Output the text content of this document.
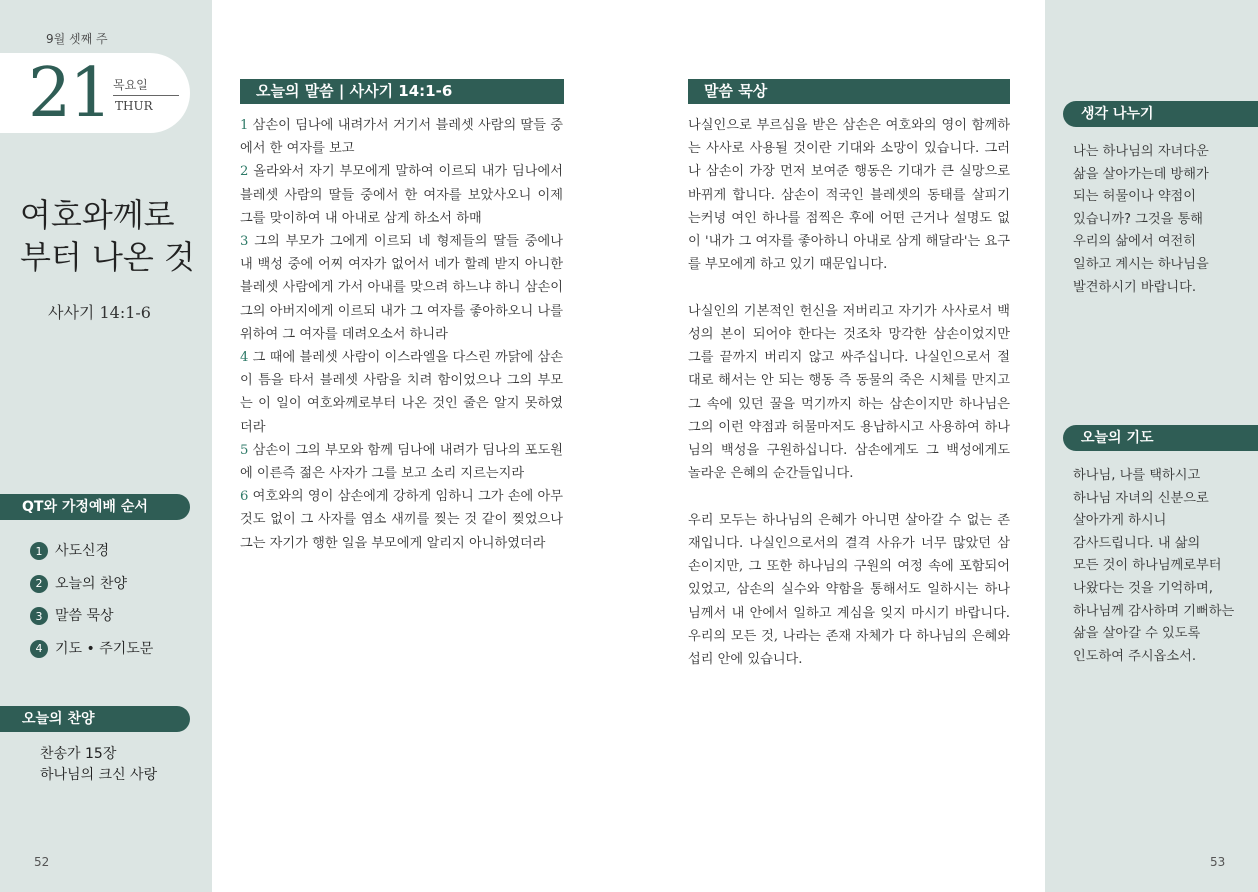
9월 셋째 주
21 목요일
THUR
여호와께로
부터 나온 것
사사기 14:1-6
QT와 가정예배 순서
1 사도신경
2 오늘의 찬양
3 말씀 묵상
4 기도 • 주기도문
오늘의 찬양
찬송가 15장
하나님의 크신 사랑
52
오늘의 말씀 | 사사기 14:1-6
1 삼손이 딤나에 내려가서 거기서 블레셋 사람의 딸들 중에서 한 여자를 보고
2 올라와서 자기 부모에게 말하여 이르되 내가 딤나에서 블레셋 사람의 딸들 중에서 한 여자를 보았사오니 이제 그를 맞이하여 내 아내로 삼게 하소서 하매
3 그의 부모가 그에게 이르되 네 형제들의 딸들 중에나 내 백성 중에 어찌 여자가 없어서 네가 할례 받지 아니한 블레셋 사람에게 가서 아내를 맞으려 하느냐 하니 삼손이 그의 아버지에게 이르되 내가 그 여자를 좋아하오니 나를 위하여 그 여자를 데려오소서 하니라
4 그 때에 블레셋 사람이 이스라엘을 다스린 까닭에 삼손이 틈을 타서 블레셋 사람을 치려 함이었으나 그의 부모는 이 일이 여호와께로부터 나온 것인 줄은 알지 못하였더라
5 삼손이 그의 부모와 함께 딤나에 내려가 딤나의 포도원에 이른즉 젊은 사자가 그를 보고 소리 지르는지라
6 여호와의 영이 삼손에게 강하게 임하니 그가 손에 아무것도 없이 그 사자를 염소 새끼를 찢는 것 같이 찢었으나 그는 자기가 행한 일을 부모에게 알리지 아니하였더라
말씀 묵상

나실인으로 부르심을 받은 삼손은 여호와의 영이 함께하는 사사로 사용될 것이란 기대와 소망이 있습니다. 그러나 삼손이 가장 먼저 보여준 행동은 기대가 큰 실망으로 바뀌게 합니다. 삼손이 적국인 블레셋의 동태를 살피기는커녕 여인 하나를 점찍은 후에 어떤 근거나 설명도 없이 '내가 그 여자를 좋아하니 아내로 삼게 해달라'는 요구를 부모에게 하고 있기 때문입니다.

나실인의 기본적인 헌신을 저버리고 자기가 사사로서 백성의 본이 되어야 한다는 것조차 망각한 삼손이었지만 그를 끝까지 버리지 않고 싸주십니다. 나실인으로서 절대로 해서는 안 되는 행동 즉 동물의 죽은 시체를 만지고 그 속에 있던 꿀을 먹기까지 하는 삼손이지만 하나님은 그의 이런 약점과 허물마저도 용납하시고 사용하여 하나님의 백성을 구원하십니다. 삼손에게도 그 백성에게도 놀라운 은혜의 순간들입니다.

우리 모두는 하나님의 은혜가 아니면 살아갈 수 없는 존재입니다. 나실인으로서의 결격 사유가 너무 많았던 삼손이지만, 그 또한 하나님의 구원의 여정 속에 포함되어 있었고, 삼손의 실수와 약함을 통해서도 일하시는 하나님께서 내 안에서 일하고 계심을 잊지 마시기 바랍니다. 우리의 모든 것, 나라는 존재 자체가 다 하나님의 은혜와 섭리 안에 있습니다.

생각 나누기
나는 하나님의 자녀다운
삶을 살아가는데 방해가
되는 허물이나 약점이
있습니까? 그것을 통해
우리의 삶에서 여전히
일하고 계시는 하나님을
발견하시기 바랍니다.
오늘의 기도
하나님, 나를 택하시고
하나님 자녀의 신분으로
살아가게 하시니
감사드립니다. 내 삶의
모든 것이 하나님께로부터
나왔다는 것을 기억하며,
하나님께 감사하며 기뻐하는
삶을 살아갈 수 있도록
인도하여 주시옵소서.
53
